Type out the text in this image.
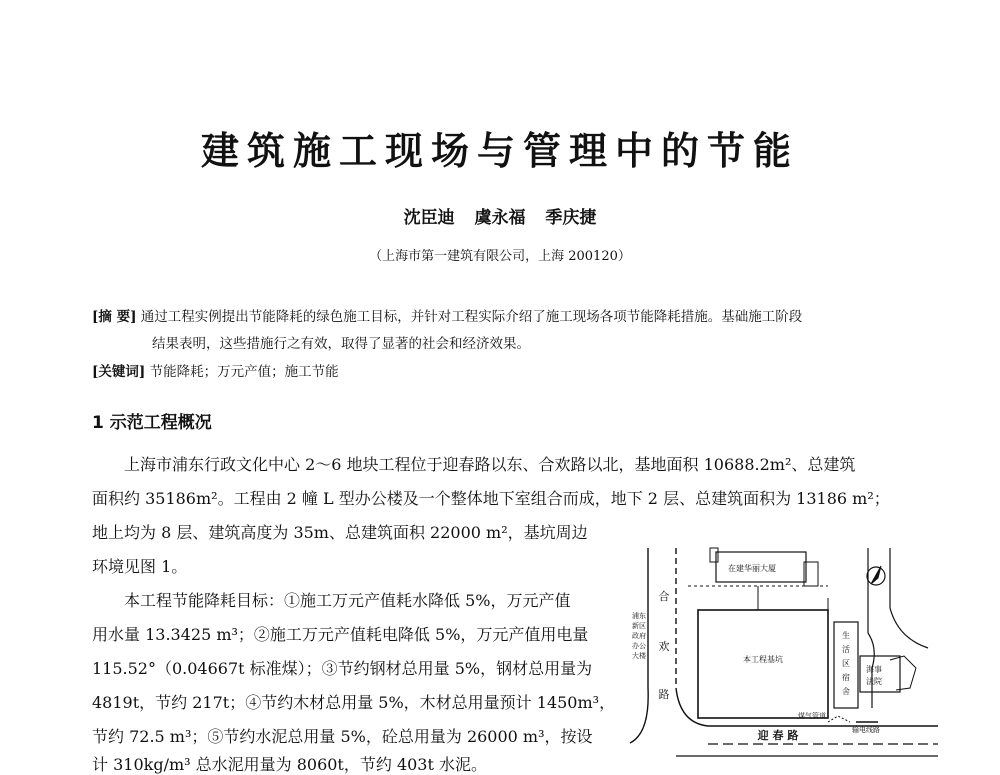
建筑施工现场与管理中的节能
沈臣迪 虞永福 季庆捷
（上海市第一建筑有限公司，上海 200120）
[摘 要] 通过工程实例提出节能降耗的绿色施工目标，并针对工程实际介绍了施工现场各项节能降耗措施。基础施工阶段
结果表明，这些措施行之有效，取得了显著的社会和经济效果。
[关键词] 节能降耗；万元产值；施工节能
1 示范工程概况
上海市浦东行政文化中心 2～6 地块工程位于迎春路以东、合欢路以北，基地面积 10688.2m²、总建筑
面积约 35186m²。工程由 2 幢 L 型办公楼及一个整体地下室组合而成，地下 2 层、总建筑面积为 13186 m²；
地上均为 8 层、建筑高度为 35m、总建筑面积 22000 m²，基坑周边
环境见图 1。
本工程节能降耗目标：①施工万元产值耗水降低 5%，万元产值
用水量 13.3425 m³；②施工万元产值耗电降低 5%，万元产值用电量
115.52°（0.04667t 标准煤）；③节约钢材总用量 5%，钢材总用量为
4819t，节约 217t；④节约木材总用量 5%，木材总用量预计 1450m³，
节约 72.5 m³；⑤节约水泥总用量 5%，砼总用量为 26000 m³，按设
计 310kg/m³ 总水泥用量为 8060t，节约 403t 水泥。
在建华丽大厦
合
欢
路
浦东
新区
政府
办公
大楼	本工程基坑
生
活
区
宿
舍
海事
法院
煤气管道
输电线路
迎 春 路
